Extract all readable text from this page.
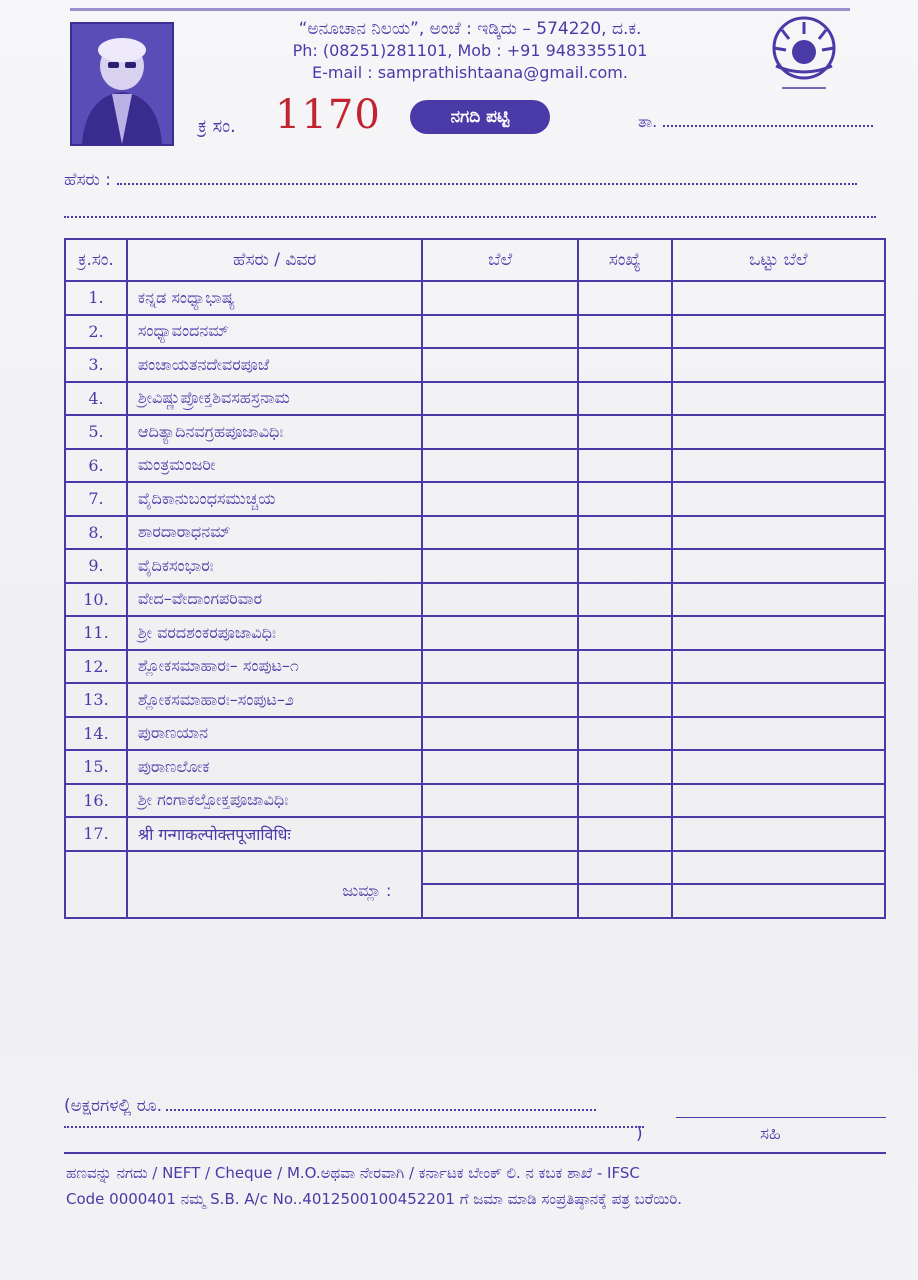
“ಅನೂಚಾನ ನಿಲಯ”, ಅಂಚೆ : ಇಡ್ಕಿದು – 574220, ದ.ಕ.
Ph: (08251)281101, Mob : +91 9483355101
E-mail : samprathishtaana@gmail.com.
ಕ್ರ ಸಂ. 1170	ನಗದಿ ಪಟ್ಟಿ	ತಾ.
ಹೆಸರು :
ಕ್ರ.ಸಂ.	ಹೆಸರು / ವಿವರ	ಬೆಲೆ	ಸಂಖ್ಯೆ	ಒಟ್ಟು ಬೆಲೆ
1.	ಕನ್ನಡ ಸಂಧ್ಯಾಭಾಷ್ಯ			
2.	ಸಂಧ್ಯಾವಂದನಮ್			
3.	ಪಂಚಾಯತನದೇವರಪೂಜೆ			
4.	ಶ್ರೀವಿಷ್ಣುಪ್ರೋಕ್ತಶಿವಸಹಸ್ರನಾಮ			
5.	ಆದಿತ್ಯಾದಿನವಗ್ರಹಪೂಜಾವಿಧಿಃ			
6.	ಮಂತ್ರಮಂಜರೀ			
7.	ವೈದಿಕಾನುಬಂಧಸಮುಚ್ಚಯ			
8.	ಶಾರದಾರಾಧನಮ್			
9.	ವೈದಿಕಸಂಭಾರಃ			
10.	ವೇದ–ವೇದಾಂಗಪರಿವಾರ			
11.	ಶ್ರೀ ವರದಶಂಕರಪೂಜಾವಿಧಿಃ			
12.	ಶ್ಲೋಕಸಮಾಹಾರಃ– ಸಂಪುಟ–೧			
13.	ಶ್ಲೋಕಸಮಾಹಾರಃ–ಸಂಪುಟ–೨			
14.	ಪುರಾಣಯಾನ			
15.	ಪುರಾಣಲೋಕ			
16.	ಶ್ರೀ ಗಂಗಾಕಲ್ಪೋಕ್ತಪೂಜಾವಿಧಿಃ			
17.	श्री गन्गाकल्पोक्तपूजाविधिः			
	ಜುಮ್ಲಾ :			

(ಅಕ್ಷರಗಳಲ್ಲಿ ರೂ.
)	ಸಹಿ
ಹಣವನ್ನು ನಗದು / NEFT / Cheque / M.O.ಅಥವಾ ನೇರವಾಗಿ / ಕರ್ನಾಟಕ ಬೇಂಕ್ ಲಿ. ನ ಕಬಕ ಶಾಖೆ - IFSC
Code 0000401 ನಮ್ಮ S.B. A/c No..4012500100452201 ಗೆ ಜಮಾ ಮಾಡಿ ಸಂಪ್ರತಿಷ್ಠಾನಕ್ಕೆ ಪತ್ರ ಬರೆಯಿರಿ.
